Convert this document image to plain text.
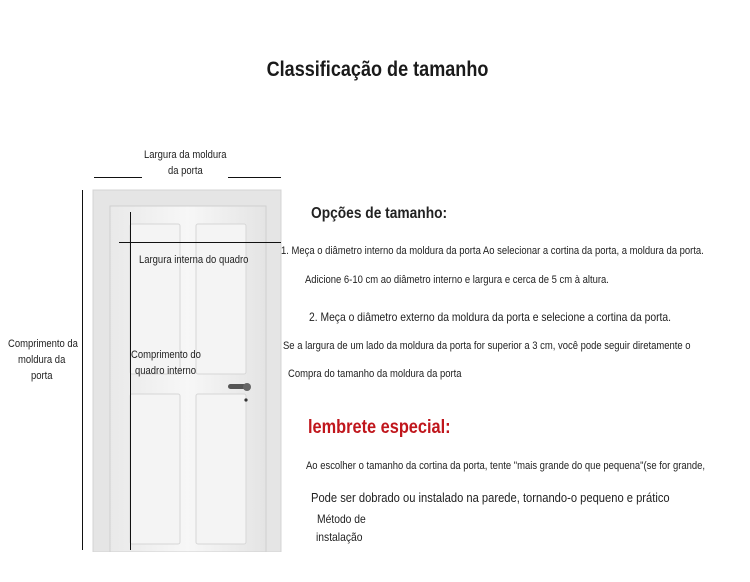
Classificação de tamanho
Largura da moldura
da porta
Comprimento da
moldura da
porta
Largura interna do quadro
Comprimento do
quadro interno
Opções de tamanho:
1. Meça o diâmetro interno da moldura da porta Ao selecionar a cortina da porta, a moldura da porta.
Adicione 6-10 cm ao diâmetro interno e largura e cerca de 5 cm à altura.
2. Meça o diâmetro externo da moldura da porta e selecione a cortina da porta.
Se a largura de um lado da moldura da porta for superior a 3 cm, você pode seguir diretamente o
Compra do tamanho da moldura da porta
lembrete especial:
Ao escolher o tamanho da cortina da porta, tente "mais grande do que pequena"(se for grande,
Pode ser dobrado ou instalado na parede, tornando-o pequeno e prático
Método de
instalação
